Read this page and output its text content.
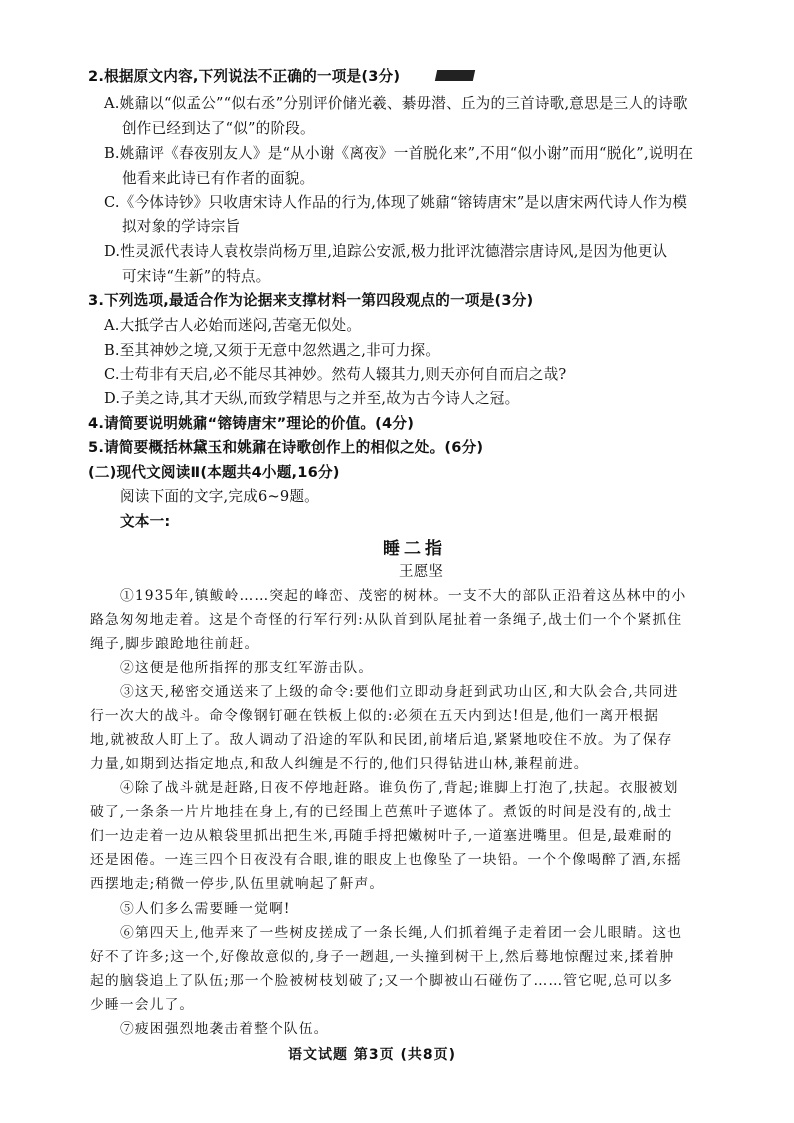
2.根据原文内容,下列说法不正确的一项是(3分)
A.姚鼐以“似孟公”“似右丞”分别评价储光羲、綦毋潜、丘为的三首诗歌,意思是三人的诗歌
创作已经到达了“似”的阶段。
B.姚鼐评《春夜别友人》是“从小谢《离夜》一首脱化来”,不用“似小谢”而用“脱化”,说明在
他看来此诗已有作者的面貌。
C.《今体诗钞》只收唐宋诗人作品的行为,体现了姚鼐“镕铸唐宋”是以唐宋两代诗人作为模
拟对象的学诗宗旨
D.性灵派代表诗人袁枚崇尚杨万里,追踪公安派,极力批评沈德潜宗唐诗风,是因为他更认
可宋诗“生新”的特点。
3.下列选项,最适合作为论据来支撑材料一第四段观点的一项是(3分)
A.大抵学古人必始而迷闷,苦毫无似处。
B.至其神妙之境,又须于无意中忽然遇之,非可力探。
C.士苟非有天启,必不能尽其神妙。然苟人辍其力,则天亦何自而启之哉?
D.子美之诗,其才天纵,而致学精思与之并至,故为古今诗人之冠。
4.请简要说明姚鼐“镕铸唐宋”理论的价值。(4分)
5.请简要概括林黛玉和姚鼐在诗歌创作上的相似之处。(6分)
(二)现代文阅读Ⅱ(本题共4小题,16分)
阅读下面的文字,完成6~9题。
文本一:
睡二指
王愿坚
①1935年,镇鲅岭……突起的峰峦、茂密的树林。一支不大的部队正沿着这丛林中的小
路急匆匆地走着。这是个奇怪的行军行列:从队首到队尾扯着一条绳子,战士们一个个紧抓住
绳子,脚步踉跄地往前赶。
②这便是他所指挥的那支红军游击队。
③这天,秘密交通送来了上级的命令:要他们立即动身赶到武功山区,和大队会合,共同进
行一次大的战斗。命令像钢钉砸在铁板上似的:必须在五天内到达!但是,他们一离开根据
地,就被敌人盯上了。敌人调动了沿途的军队和民团,前堵后追,紧紧地咬住不放。为了保存
力量,如期到达指定地点,和敌人纠缠是不行的,他们只得钻进山林,兼程前进。
④除了战斗就是赶路,日夜不停地赶路。谁负伤了,背起;谁脚上打泡了,扶起。衣服被划
破了,一条条一片片地挂在身上,有的已经围上芭蕉叶子遮体了。煮饭的时间是没有的,战士
们一边走着一边从粮袋里抓出把生米,再随手捋把嫩树叶子,一道塞进嘴里。但是,最难耐的
还是困倦。一连三四个日夜没有合眼,谁的眼皮上也像坠了一块铅。一个个像喝醉了酒,东摇
西摆地走;稍微一停步,队伍里就响起了鼾声。
⑤人们多么需要睡一觉啊!
⑥第四天上,他弄来了一些树皮搓成了一条长绳,人们抓着绳子走着团一会儿眼睛。这也
好不了许多;这一个,好像故意似的,身子一趔趄,一头撞到树干上,然后蓦地惊醒过来,揉着肿
起的脑袋追上了队伍;那一个脸被树枝划破了;又一个脚被山石碰伤了……管它呢,总可以多
少睡一会儿了。
⑦疲困强烈地袭击着整个队伍。
语文试题 第3页 (共8页)
